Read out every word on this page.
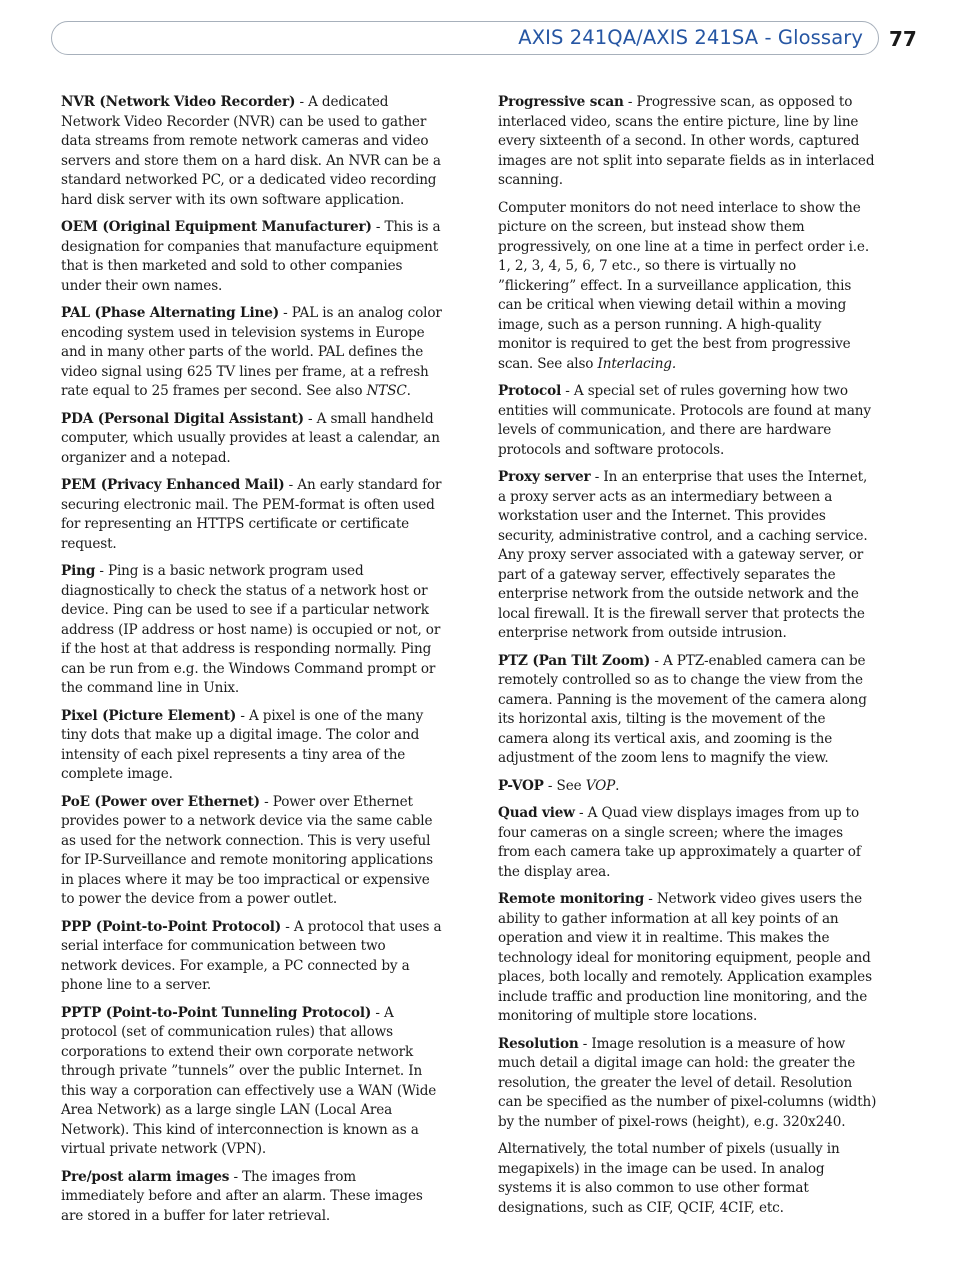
AXIS 241QA/AXIS 241SA - Glossary 77

NVR (Network Video Recorder) - A dedicated Network Video Recorder (NVR) can be used to gather data streams from remote network cameras and video servers and store them on a hard disk. An NVR can be a standard networked PC, or a dedicated video recording hard disk server with its own software application.

OEM (Original Equipment Manufacturer) - This is a designation for companies that manufacture equipment that is then marketed and sold to other companies under their own names.

PAL (Phase Alternating Line) - PAL is an analog color encoding system used in television systems in Europe and in many other parts of the world. PAL defines the video signal using 625 TV lines per frame, at a refresh rate equal to 25 frames per second. See also NTSC.

PDA (Personal Digital Assistant) - A small handheld computer, which usually provides at least a calendar, an organizer and a notepad.

PEM (Privacy Enhanced Mail) - An early standard for securing electronic mail. The PEM-format is often used for representing an HTTPS certificate or certificate request.

Ping - Ping is a basic network program used diagnostically to check the status of a network host or device. Ping can be used to see if a particular network address (IP address or host name) is occupied or not, or if the host at that address is responding normally. Ping can be run from e.g. the Windows Command prompt or the command line in Unix.

Pixel (Picture Element) - A pixel is one of the many tiny dots that make up a digital image. The color and intensity of each pixel represents a tiny area of the complete image.

PoE (Power over Ethernet) - Power over Ethernet provides power to a network device via the same cable as used for the network connection. This is very useful for IP-Surveillance and remote monitoring applications in places where it may be too impractical or expensive to power the device from a power outlet.

PPP (Point-to-Point Protocol) - A protocol that uses a serial interface for communication between two network devices. For example, a PC connected by a phone line to a server.

PPTP (Point-to-Point Tunneling Protocol) - A protocol (set of communication rules) that allows corporations to extend their own corporate network through private ”tunnels” over the public Internet. In this way a corporation can effectively use a WAN (Wide Area Network) as a large single LAN (Local Area Network). This kind of interconnection is known as a virtual private network (VPN).

Pre/post alarm images - The images from immediately before and after an alarm. These images are stored in a buffer for later retrieval.

Progressive scan - Progressive scan, as opposed to interlaced video, scans the entire picture, line by line every sixteenth of a second. In other words, captured images are not split into separate fields as in interlaced scanning.

Computer monitors do not need interlace to show the picture on the screen, but instead show them progressively, on one line at a time in perfect order i.e. 1, 2, 3, 4, 5, 6, 7 etc., so there is virtually no ”flickering” effect. In a surveillance application, this can be critical when viewing detail within a moving image, such as a person running. A high-quality monitor is required to get the best from progressive scan. See also Interlacing.

Protocol - A special set of rules governing how two entities will communicate. Protocols are found at many levels of communication, and there are hardware protocols and software protocols.

Proxy server - In an enterprise that uses the Internet, a proxy server acts as an intermediary between a workstation user and the Internet. This provides security, administrative control, and a caching service. Any proxy server associated with a gateway server, or part of a gateway server, effectively separates the enterprise network from the outside network and the local firewall. It is the firewall server that protects the enterprise network from outside intrusion.

PTZ (Pan Tilt Zoom) - A PTZ-enabled camera can be remotely controlled so as to change the view from the camera. Panning is the movement of the camera along its horizontal axis, tilting is the movement of the camera along its vertical axis, and zooming is the adjustment of the zoom lens to magnify the view.

P-VOP - See VOP.

Quad view - A Quad view displays images from up to four cameras on a single screen; where the images from each camera take up approximately a quarter of the display area.

Remote monitoring - Network video gives users the ability to gather information at all key points of an operation and view it in realtime. This makes the technology ideal for monitoring equipment, people and places, both locally and remotely. Application examples include traffic and production line monitoring, and the monitoring of multiple store locations.

Resolution - Image resolution is a measure of how much detail a digital image can hold: the greater the resolution, the greater the level of detail. Resolution can be specified as the number of pixel-columns (width) by the number of pixel-rows (height), e.g. 320x240.

Alternatively, the total number of pixels (usually in megapixels) in the image can be used. In analog systems it is also common to use other format designations, such as CIF, QCIF, 4CIF, etc.
